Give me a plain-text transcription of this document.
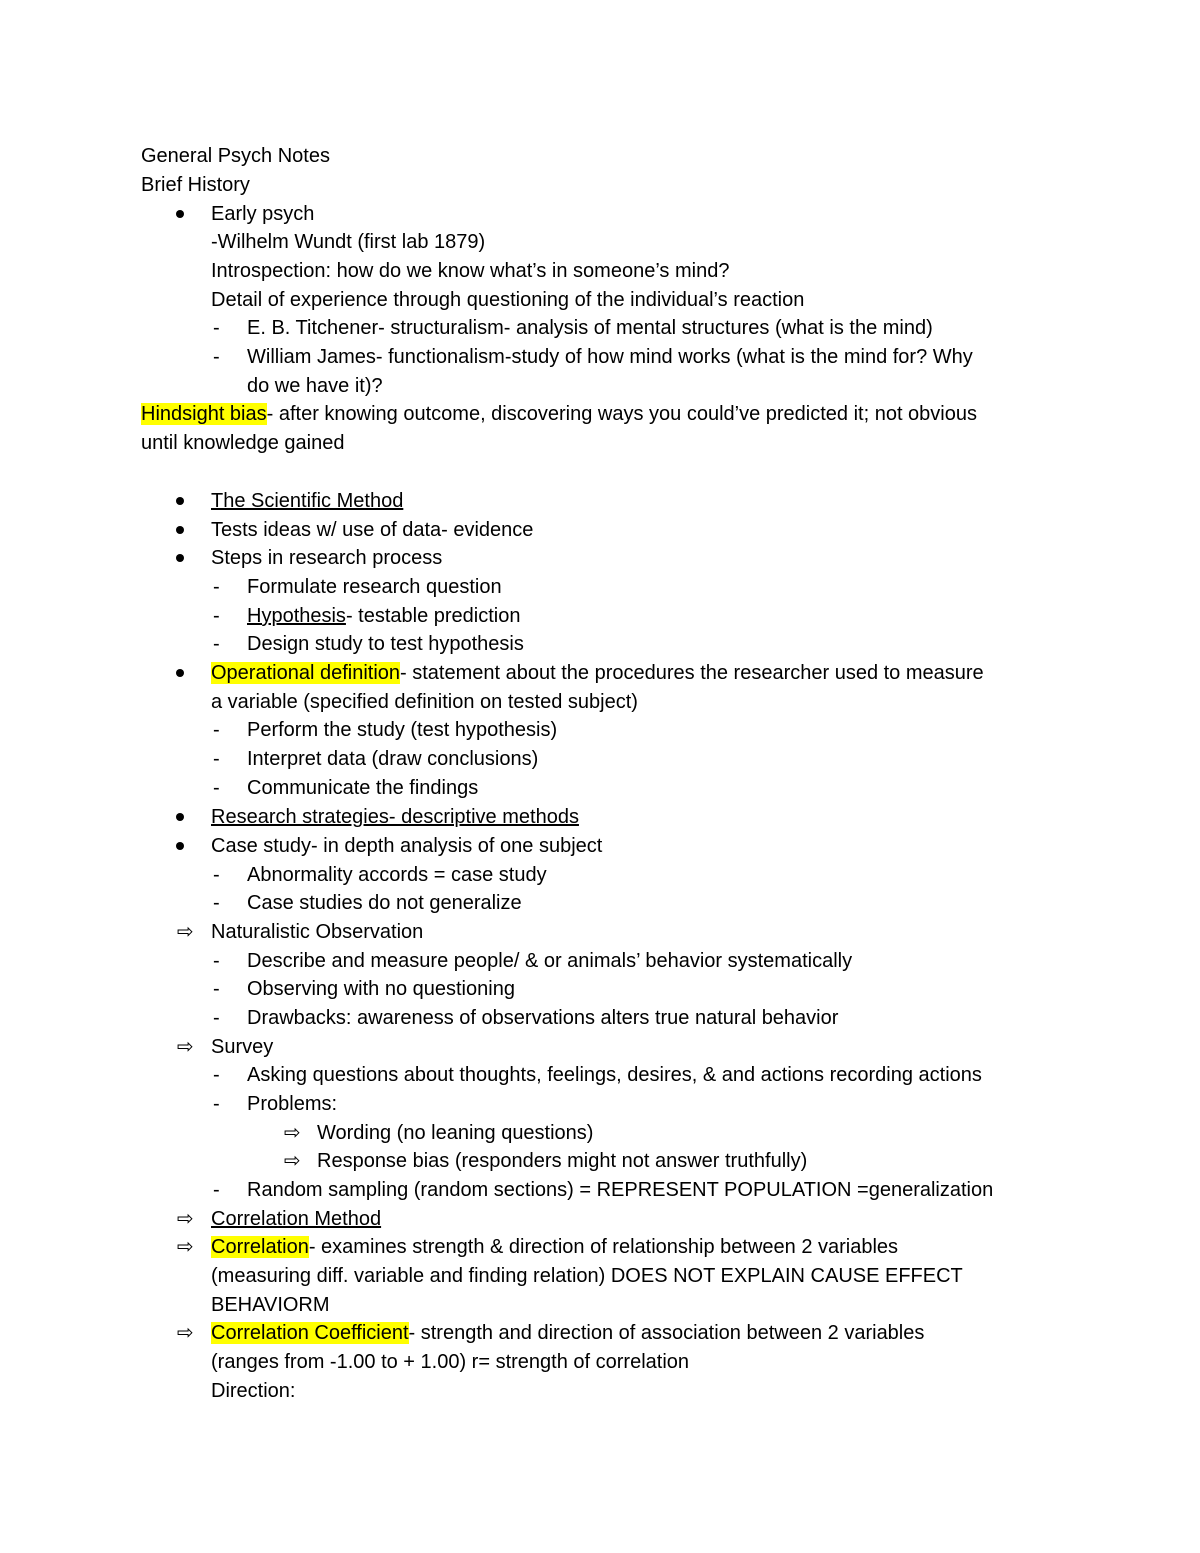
General Psych Notes
Brief History
Early psych
-Wilhelm Wundt (first lab 1879)
Introspection: how do we know what’s in someone’s mind?
Detail of experience through questioning of the individual’s reaction
- E. B. Titchener- structuralism- analysis of mental structures (what is the mind)
- William James- functionalism-study of how mind works (what is the mind for? Why
do we have it)?
Hindsight bias- after knowing outcome, discovering ways you could’ve predicted it; not obvious
until knowledge gained
The Scientific Method
Tests ideas w/ use of data- evidence
Steps in research process
- Formulate research question
- Hypothesis- testable prediction
- Design study to test hypothesis
Operational definition- statement about the procedures the researcher used to measure
a variable (specified definition on tested subject)
- Perform the study (test hypothesis)
- Interpret data (draw conclusions)
- Communicate the findings
Research strategies- descriptive methods
Case study- in depth analysis of one subject
- Abnormality accords = case study
- Case studies do not generalize
⇨ Naturalistic Observation
- Describe and measure people/ & or animals’ behavior systematically
- Observing with no questioning
- Drawbacks: awareness of observations alters true natural behavior
⇨ Survey
- Asking questions about thoughts, feelings, desires, & and actions recording actions
- Problems:
⇨ Wording (no leaning questions)
⇨ Response bias (responders might not answer truthfully)
- Random sampling (random sections) = REPRESENT POPULATION =generalization
⇨ Correlation Method
⇨ Correlation- examines strength & direction of relationship between 2 variables
(measuring diff. variable and finding relation) DOES NOT EXPLAIN CAUSE EFFECT
BEHAVIORM
⇨ Correlation Coefficient- strength and direction of association between 2 variables
(ranges from -1.00 to + 1.00) r= strength of correlation
Direction:
